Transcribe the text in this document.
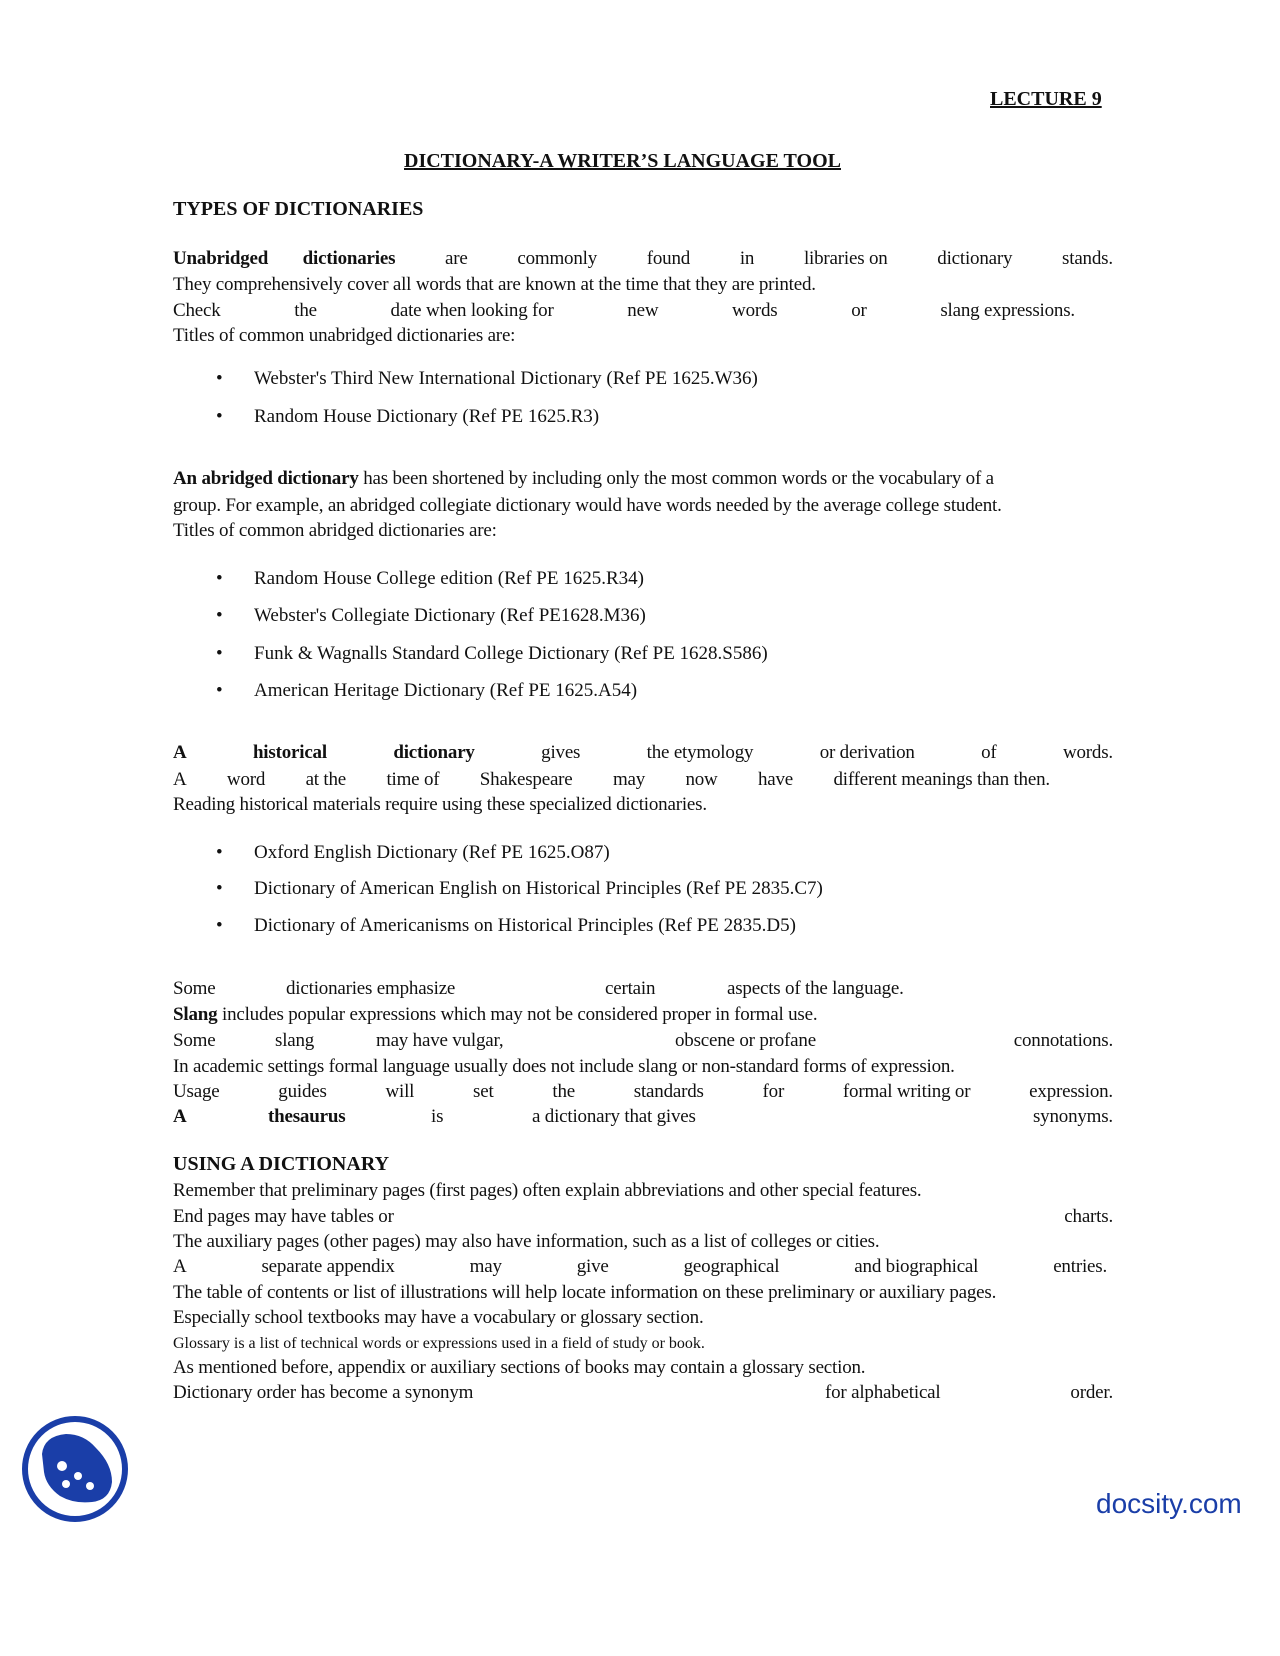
LECTURE 9
DICTIONARY-A WRITER’S LANGUAGE TOOL
TYPES OF DICTIONARIES
Unabridged dictionaries	are	commonly	found	in	libraries on	dictionary	stands.
They comprehensively cover all words that are known at the time that they are printed.
Check	the	date when looking for	new	words	or	slang expressions.
Titles of common unabridged dictionaries are:
• Webster's Third New International Dictionary (Ref PE 1625.W36)
• Random House Dictionary (Ref PE 1625.R3)
An abridged dictionary has been shortened by including only the most common words or the vocabulary of a
group. For example, an abridged collegiate dictionary would have words needed by the average college student.
Titles of common abridged dictionaries are:
• Random House College edition (Ref PE 1625.R34)
• Webster's Collegiate Dictionary (Ref PE1628.M36)
• Funk & Wagnalls Standard College Dictionary (Ref PE 1628.S586)
• American Heritage Dictionary (Ref PE 1625.A54)
A	historical	dictionary	gives	the etymology	or derivation	of	words.
A word at the time of Shakespeare may now have different meanings than then.
Reading historical materials require using these specialized dictionaries.
• Oxford English Dictionary (Ref PE 1625.O87)
• Dictionary of American English on Historical Principles (Ref PE 2835.C7)
• Dictionary of Americanisms on Historical Principles (Ref PE 2835.D5)
Some	dictionaries emphasize	certain	aspects of the language.
Slang includes popular expressions which may not be considered proper in formal use.
Some	slang	may have vulgar,	obscene or profane	connotations.
In academic settings formal language usually does not include slang or non-standard forms of expression.
Usage	guides	will	set	the	standards	for	formal writing or	expression.
A	thesaurus	is	a dictionary that gives	synonyms.
USING A DICTIONARY
Remember that preliminary pages (first pages) often explain abbreviations and other special features.
End pages may have tables or	charts.
The auxiliary pages (other pages) may also have information, such as a list of colleges or cities.
A	separate appendix	may	give	geographical	and biographical	entries.
The table of contents or list of illustrations will help locate information on these preliminary or auxiliary pages.
Especially school textbooks may have a vocabulary or glossary section.
Glossary is a list of technical words or expressions used in a field of study or book.
As mentioned before, appendix or auxiliary sections of books may contain a glossary section.
Dictionary order has become a synonym	for alphabetical	order.
docsity.com
